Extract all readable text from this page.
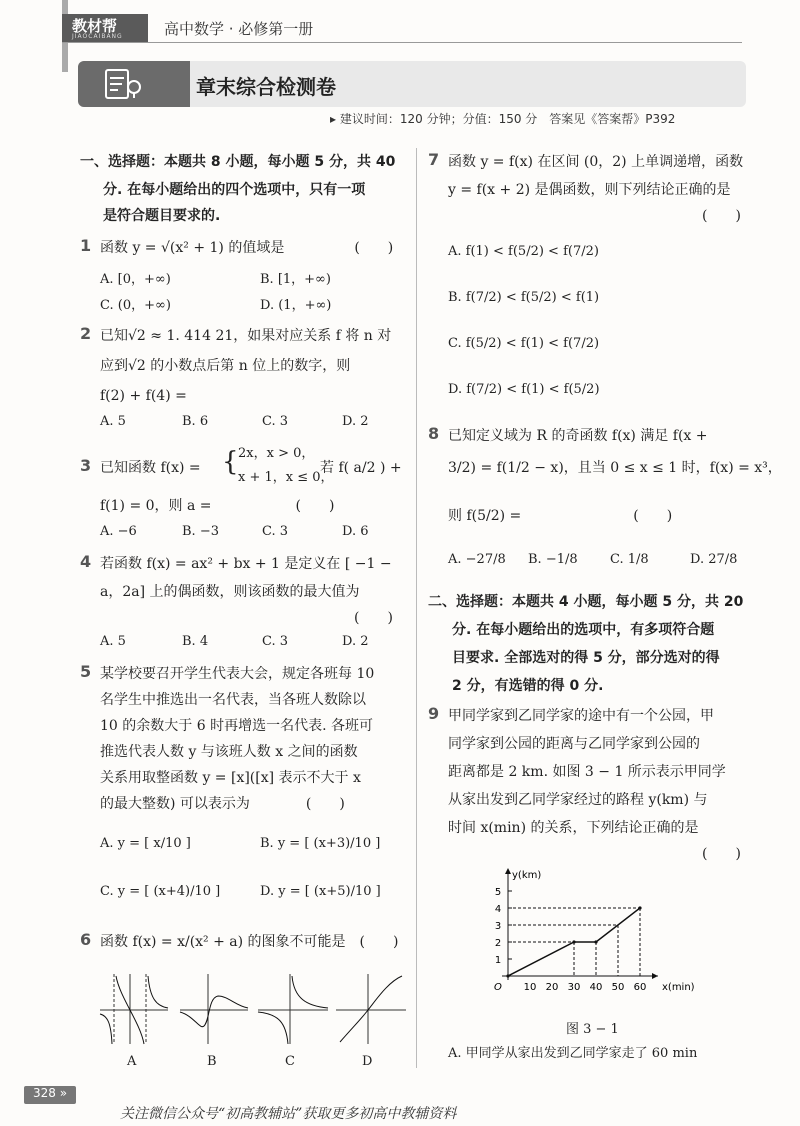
教材帮
JIAOCAIBANG	高中数学 · 必修第一册
章末综合检测卷
▸ 建议时间：120 分钟；分值：150 分　答案见《答案帮》P392
一、选择题：本题共 8 小题，每小题 5 分，共 40
分. 在每小题给出的四个选项中，只有一项
是符合题目要求的.
1 函数 y = √(x² + 1) 的值域是　　　　　(　　)
A. [0，+∞)	B. [1，+∞)
C. (0，+∞)	D. (1，+∞)
2 已知√2 ≈ 1. 414 21，如果对应关系 f 将 n 对
应到√2 的小数点后第 n 位上的数字，则
f(2) + f(4) =
A. 5	B. 6	C. 3	D. 2
3 已知函数 f(x) = { 2x，x > 0，
x + 1，x ≤ 0，
若 f( a/2 ) +
f(1) = 0，则 a =　　　　　　(　　)
A. −6	B. −3	C. 3	D. 6
4 若函数 f(x) = ax² + bx + 1 是定义在 [ −1 −
a，2a] 上的偶函数，则该函数的最大值为
(　　)
A. 5	B. 4	C. 3	D. 2
5 某学校要召开学生代表大会，规定各班每 10
名学生中推选出一名代表，当各班人数除以
10 的余数大于 6 时再增选一名代表. 各班可
推选代表人数 y 与该班人数 x 之间的函数
关系用取整函数 y = [x]([x] 表示不大于 x
的最大整数) 可以表示为　　　　(　　)
A. y = [ x/10 ]	B. y = [ (x+3)/10 ]
C. y = [ (x+4)/10 ]	D. y = [ (x+5)/10 ]
6 函数 f(x) = x/(x² + a) 的图象不可能是　(　　)
A	B	C	D
7 函数 y = f(x) 在区间 (0，2) 上单调递增，函数
y = f(x + 2) 是偶函数，则下列结论正确的是
(　　)
A. f(1) < f(5/2) < f(7/2)
B. f(7/2) < f(5/2) < f(1)
C. f(5/2) < f(1) < f(7/2)
D. f(7/2) < f(1) < f(5/2)
8 已知定义域为 R 的奇函数 f(x) 满足 f(x +
3/2) = f(1/2 − x)，且当 0 ≤ x ≤ 1 时，f(x) = x³，
则 f(5/2) =　　　　　　　　(　　)
A. −27/8 B. −1/8 C. 1/8	D. 27/8
二、选择题：本题共 4 小题，每小题 5 分，共 20
分. 在每小题给出的选项中，有多项符合题
目要求. 全部选对的得 5 分，部分选对的得
2 分，有选错的得 0 分.
9 甲同学家到乙同学家的途中有一个公园，甲
同学家到公园的距离与乙同学家到公园的
距离都是 2 km. 如图 3 − 1 所示表示甲同学
从家出发到乙同学家经过的路程 y(km) 与
时间 x(min) 的关系，下列结论正确的是
(　　)
1
2
3
4
5
10 20 30 40 50 60
O
y(km)
x(min)
图 3 − 1
A. 甲同学从家出发到乙同学家走了 60 min
328 »
关注微信公众号“初高教辅站”获取更多初高中教辅资料
